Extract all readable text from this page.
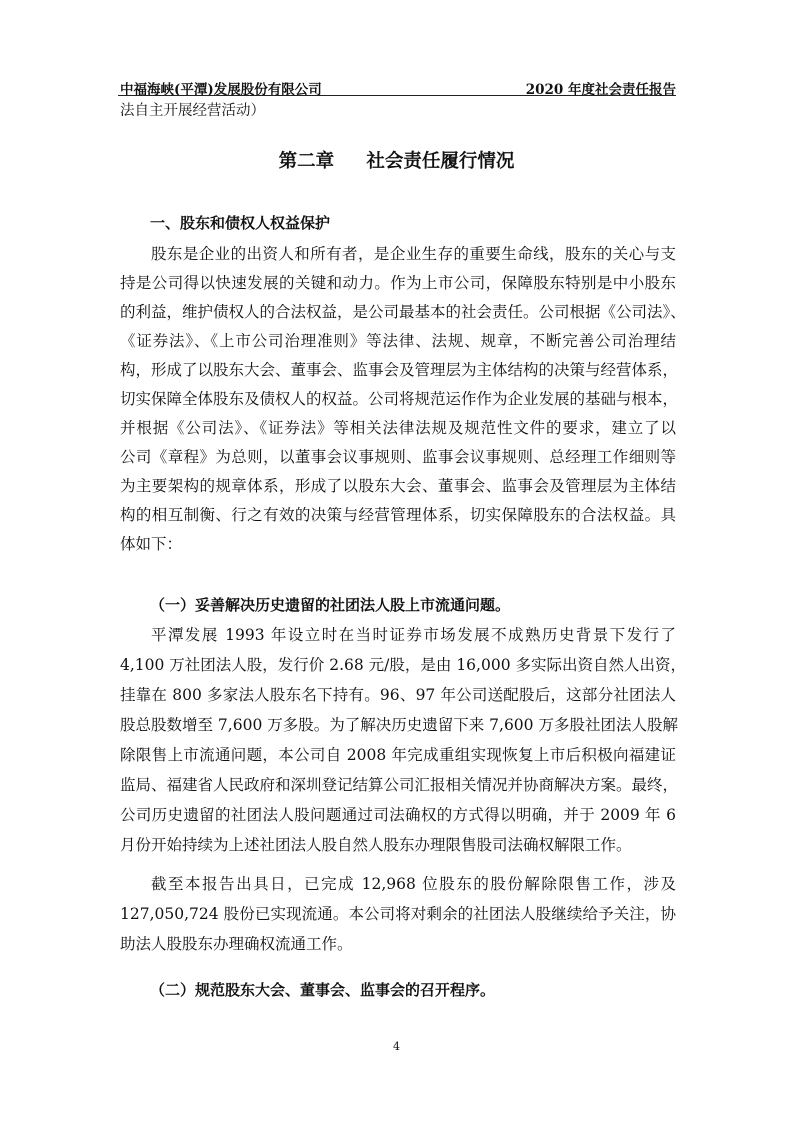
中福海峡(平潭)发展股份有限公司	2020 年度社会责任报告
法自主开展经营活动）
第二章     社会责任履行情况
一、股东和债权人权益保护
股东是企业的出资人和所有者，是企业生存的重要生命线，股东的关心与支
持是公司得以快速发展的关键和动力。作为上市公司，保障股东特别是中小股东
的利益，维护债权人的合法权益，是公司最基本的社会责任。公司根据《公司法》、
《证券法》、《上市公司治理准则》等法律、法规、规章，不断完善公司治理结
构，形成了以股东大会、董事会、监事会及管理层为主体结构的决策与经营体系，
切实保障全体股东及债权人的权益。公司将规范运作作为企业发展的基础与根本，
并根据《公司法》、《证券法》等相关法律法规及规范性文件的要求，建立了以
公司《章程》为总则，以董事会议事规则、监事会议事规则、总经理工作细则等
为主要架构的规章体系，形成了以股东大会、董事会、监事会及管理层为主体结
构的相互制衡、行之有效的决策与经营管理体系，切实保障股东的合法权益。具
体如下：
（一）妥善解决历史遗留的社团法人股上市流通问题。
平潭发展 1993 年设立时在当时证券市场发展不成熟历史背景下发行了
4,100 万社团法人股，发行价 2.68 元/股，是由 16,000 多实际出资自然人出资，
挂靠在 800 多家法人股东名下持有。96、97 年公司送配股后，这部分社团法人
股总股数增至 7,600 万多股。为了解决历史遗留下来 7,600 万多股社团法人股解
除限售上市流通问题，本公司自 2008 年完成重组实现恢复上市后积极向福建证
监局、福建省人民政府和深圳登记结算公司汇报相关情况并协商解决方案。最终，
公司历史遗留的社团法人股问题通过司法确权的方式得以明确，并于 2009 年 6
月份开始持续为上述社团法人股自然人股东办理限售股司法确权解限工作。
截至本报告出具日，已完成 12,968 位股东的股份解除限售工作，涉及
127,050,724 股份已实现流通。本公司将对剩余的社团法人股继续给予关注，协
助法人股股东办理确权流通工作。
（二）规范股东大会、董事会、监事会的召开程序。
4
